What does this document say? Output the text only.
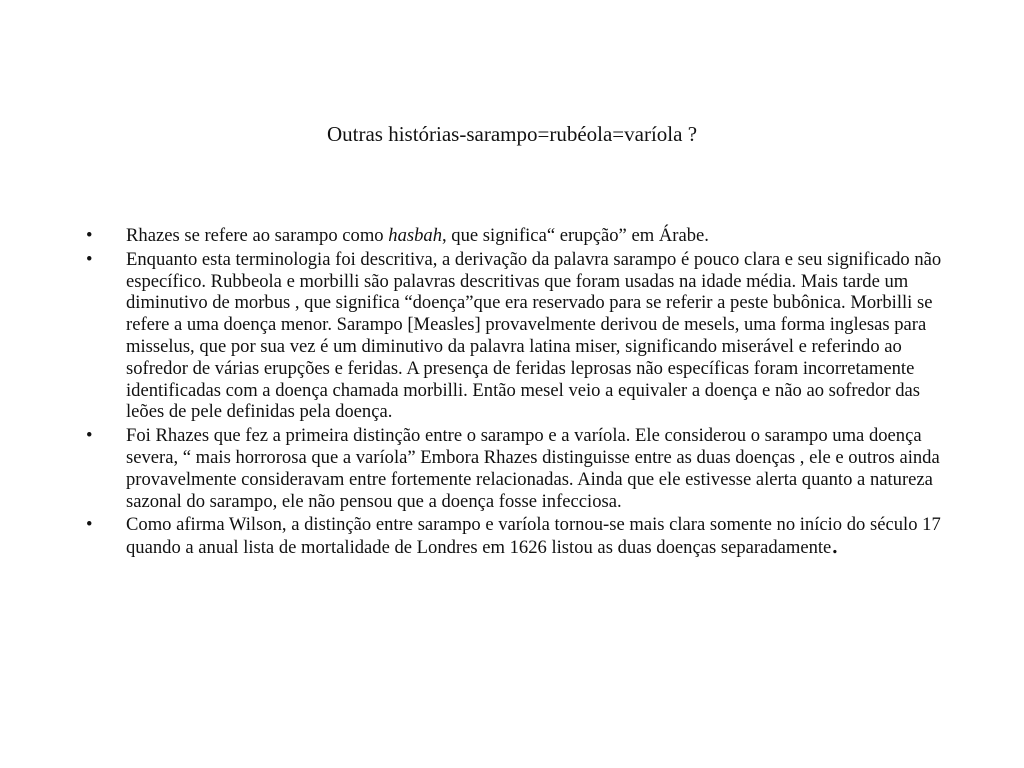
Outras histórias-sarampo=rubéola=varíola ?
• Rhazes se refere ao sarampo como hasbah, que significa“ erupção” em Árabe.
• Enquanto esta terminologia foi descritiva, a derivação da palavra sarampo é pouco clara e seu significado não específico. Rubbeola e morbilli são palavras descritivas que foram usadas na idade média. Mais tarde um diminutivo de morbus , que significa “doença”que era reservado para se referir a peste bubônica. Morbilli se refere a uma doença menor. Sarampo [Measles] provavelmente derivou de mesels, uma forma inglesas para misselus, que por sua vez é um diminutivo da palavra latina miser, significando miserável e referindo ao sofredor de várias erupções e feridas. A presença de feridas leprosas não específicas foram incorretamente identificadas com a doença chamada morbilli. Então mesel veio a equivaler a doença e não ao sofredor das leões de pele definidas pela doença.
• Foi Rhazes que fez a primeira distinção entre o sarampo e a varíola. Ele considerou o sarampo uma doença severa, “ mais horrorosa que a varíola” Embora Rhazes distinguisse entre as duas doenças , ele e outros ainda provavelmente consideravam entre fortemente relacionadas. Ainda que ele estivesse alerta quanto a natureza sazonal do sarampo, ele não pensou que a doença fosse infecciosa.
• Como afirma Wilson, a distinção entre sarampo e varíola tornou-se mais clara somente no início do século 17 quando a anual lista de mortalidade de Londres em 1626 listou as duas doenças separadamente.
